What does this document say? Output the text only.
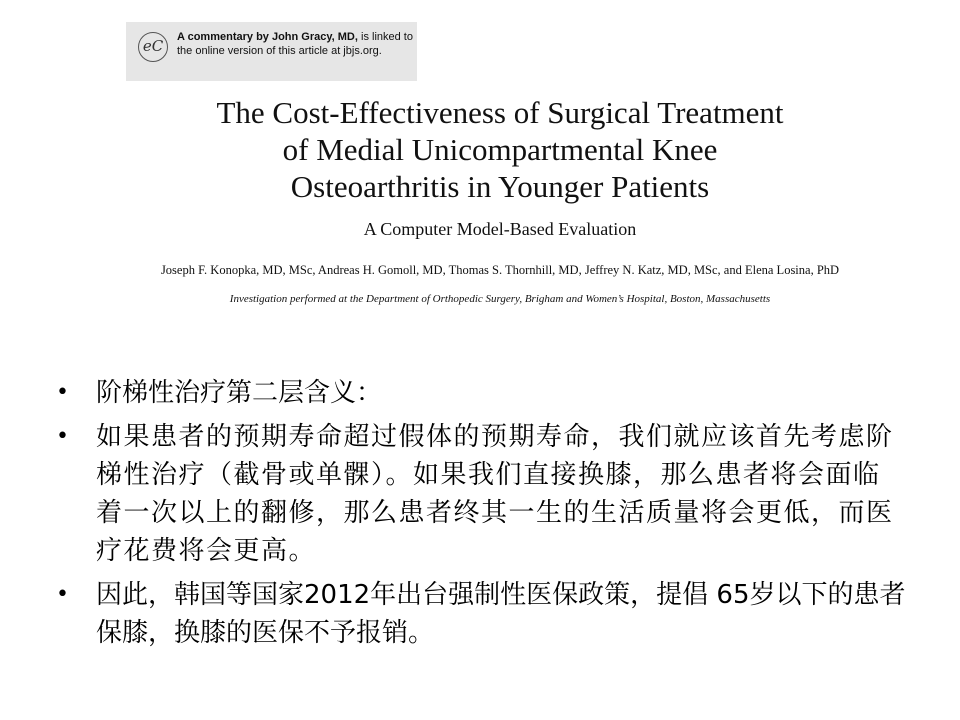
eC	A commentary by John Gracy, MD, is linked to the online version of this article at jbjs.org.
The Cost-Effectiveness of Surgical Treatment
of Medial Unicompartmental Knee
Osteoarthritis in Younger Patients
A Computer Model-Based Evaluation
Joseph F. Konopka, MD, MSc, Andreas H. Gomoll, MD, Thomas S. Thornhill, MD, Jeffrey N. Katz, MD, MSc, and Elena Losina, PhD
Investigation performed at the Department of Orthopedic Surgery, Brigham and Women’s Hospital, Boston, Massachusetts
• 阶梯性治疗第二层含义：
• 如果患者的预期寿命超过假体的预期寿命，我们就应该首先考虑阶梯性治疗（截骨或单髁）。如果我们直接换膝，那么患者将会面临着一次以上的翻修，那么患者终其一生的生活质量将会更低，而医疗花费将会更高。
• 因此，韩国等国家2012年出台强制性医保政策，提倡 65岁以下的患者保膝，换膝的医保不予报销。
